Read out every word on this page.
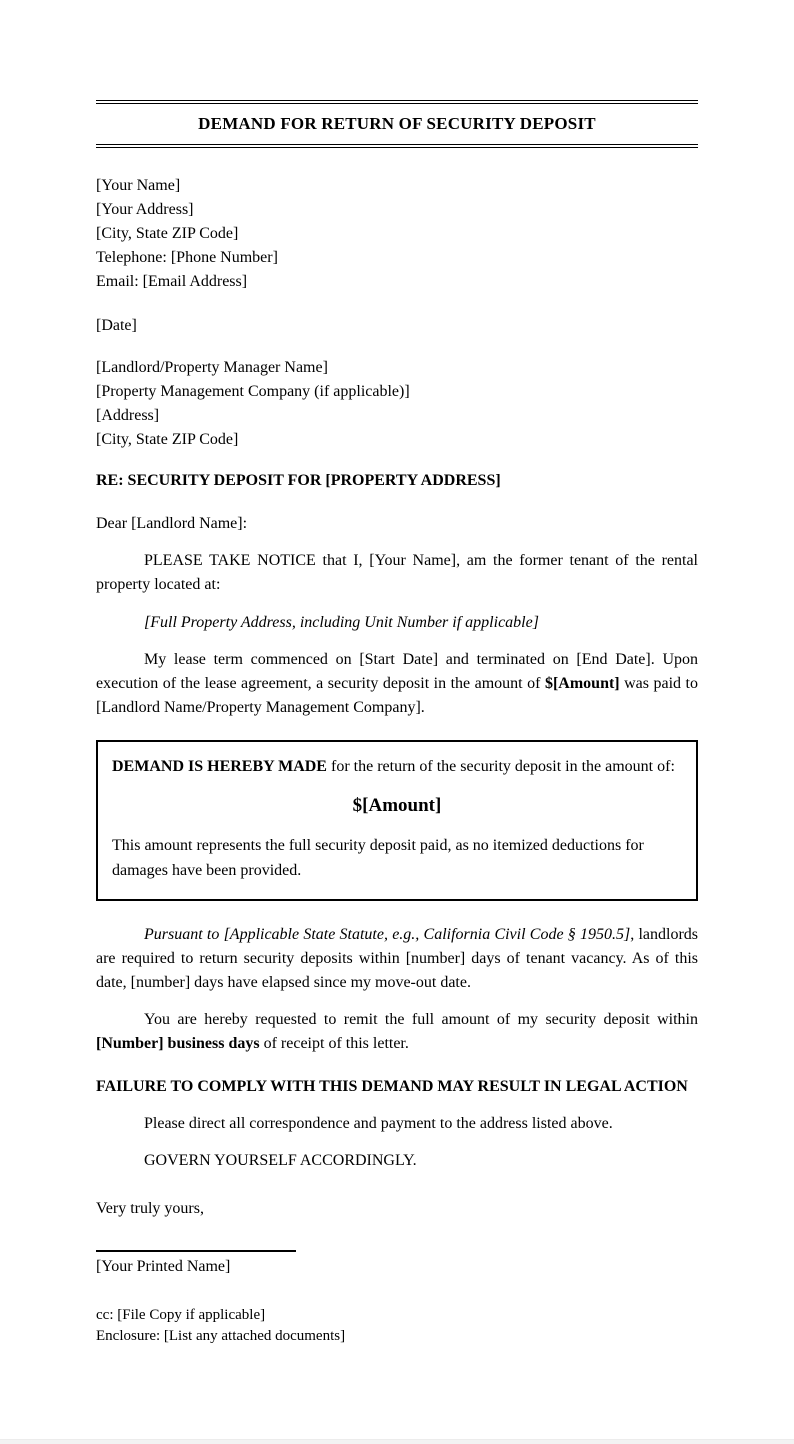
DEMAND FOR RETURN OF SECURITY DEPOSIT
[Your Name]
[Your Address]
[City, State ZIP Code]
Telephone: [Phone Number]
Email: [Email Address]
[Date]
[Landlord/Property Manager Name]
[Property Management Company (if applicable)]
[Address]
[City, State ZIP Code]
RE: SECURITY DEPOSIT FOR [PROPERTY ADDRESS]
Dear [Landlord Name]:

PLEASE TAKE NOTICE that I, [Your Name], am the former tenant of the rental property located at:

[Full Property Address, including Unit Number if applicable]

My lease term commenced on [Start Date] and terminated on [End Date]. Upon execution of the lease agreement, a security deposit in the amount of $[Amount] was paid to [Landlord Name/Property Management Company].

DEMAND IS HEREBY MADE for the return of the security deposit in the amount of:

$[Amount]

This amount represents the full security deposit paid, as no itemized deductions for damages have been provided.

Pursuant to [Applicable State Statute, e.g., California Civil Code § 1950.5], landlords are required to return security deposits within [number] days of tenant vacancy. As of this date, [number] days have elapsed since my move-out date.

You are hereby requested to remit the full amount of my security deposit within [Number] business days of receipt of this letter.

FAILURE TO COMPLY WITH THIS DEMAND MAY RESULT IN LEGAL ACTION

Please direct all correspondence and payment to the address listed above.

GOVERN YOURSELF ACCORDINGLY.

Very truly yours,
[Your Printed Name]
cc: [File Copy if applicable]
Enclosure: [List any attached documents]
